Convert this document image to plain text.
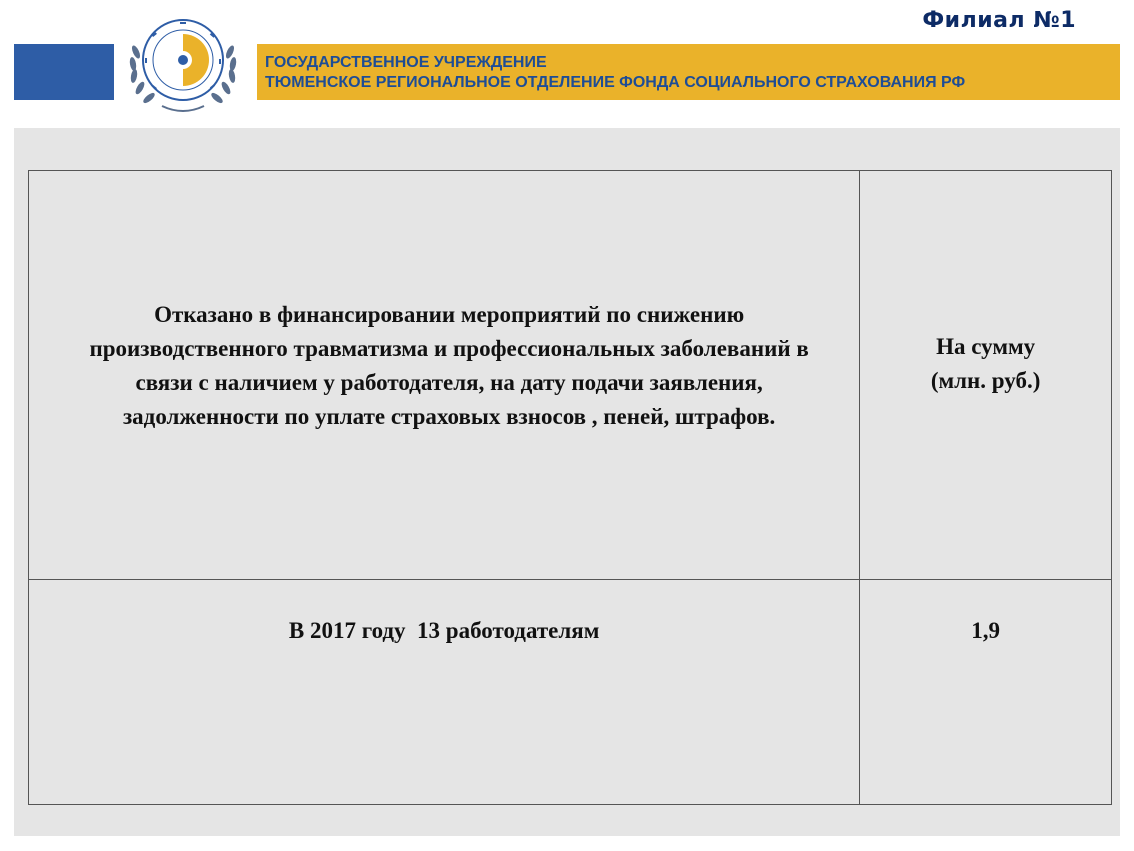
Филиал №1
ГОСУДАРСТВЕННОЕ УЧРЕЖДЕНИЕ
ТЮМЕНСКОЕ РЕГИОНАЛЬНОЕ ОТДЕЛЕНИЕ ФОНДА СОЦИАЛЬНОГО СТРАХОВАНИЯ РФ
Отказано в финансировании мероприятий по снижению производственного травматизма и профессиональных заболеваний в связи с наличием у работодателя, на дату подачи заявления, задолженности по уплате страховых взносов , пеней, штрафов.	На сумму
(млн. руб.)

В 2017 году  13 работодателям	1,9
